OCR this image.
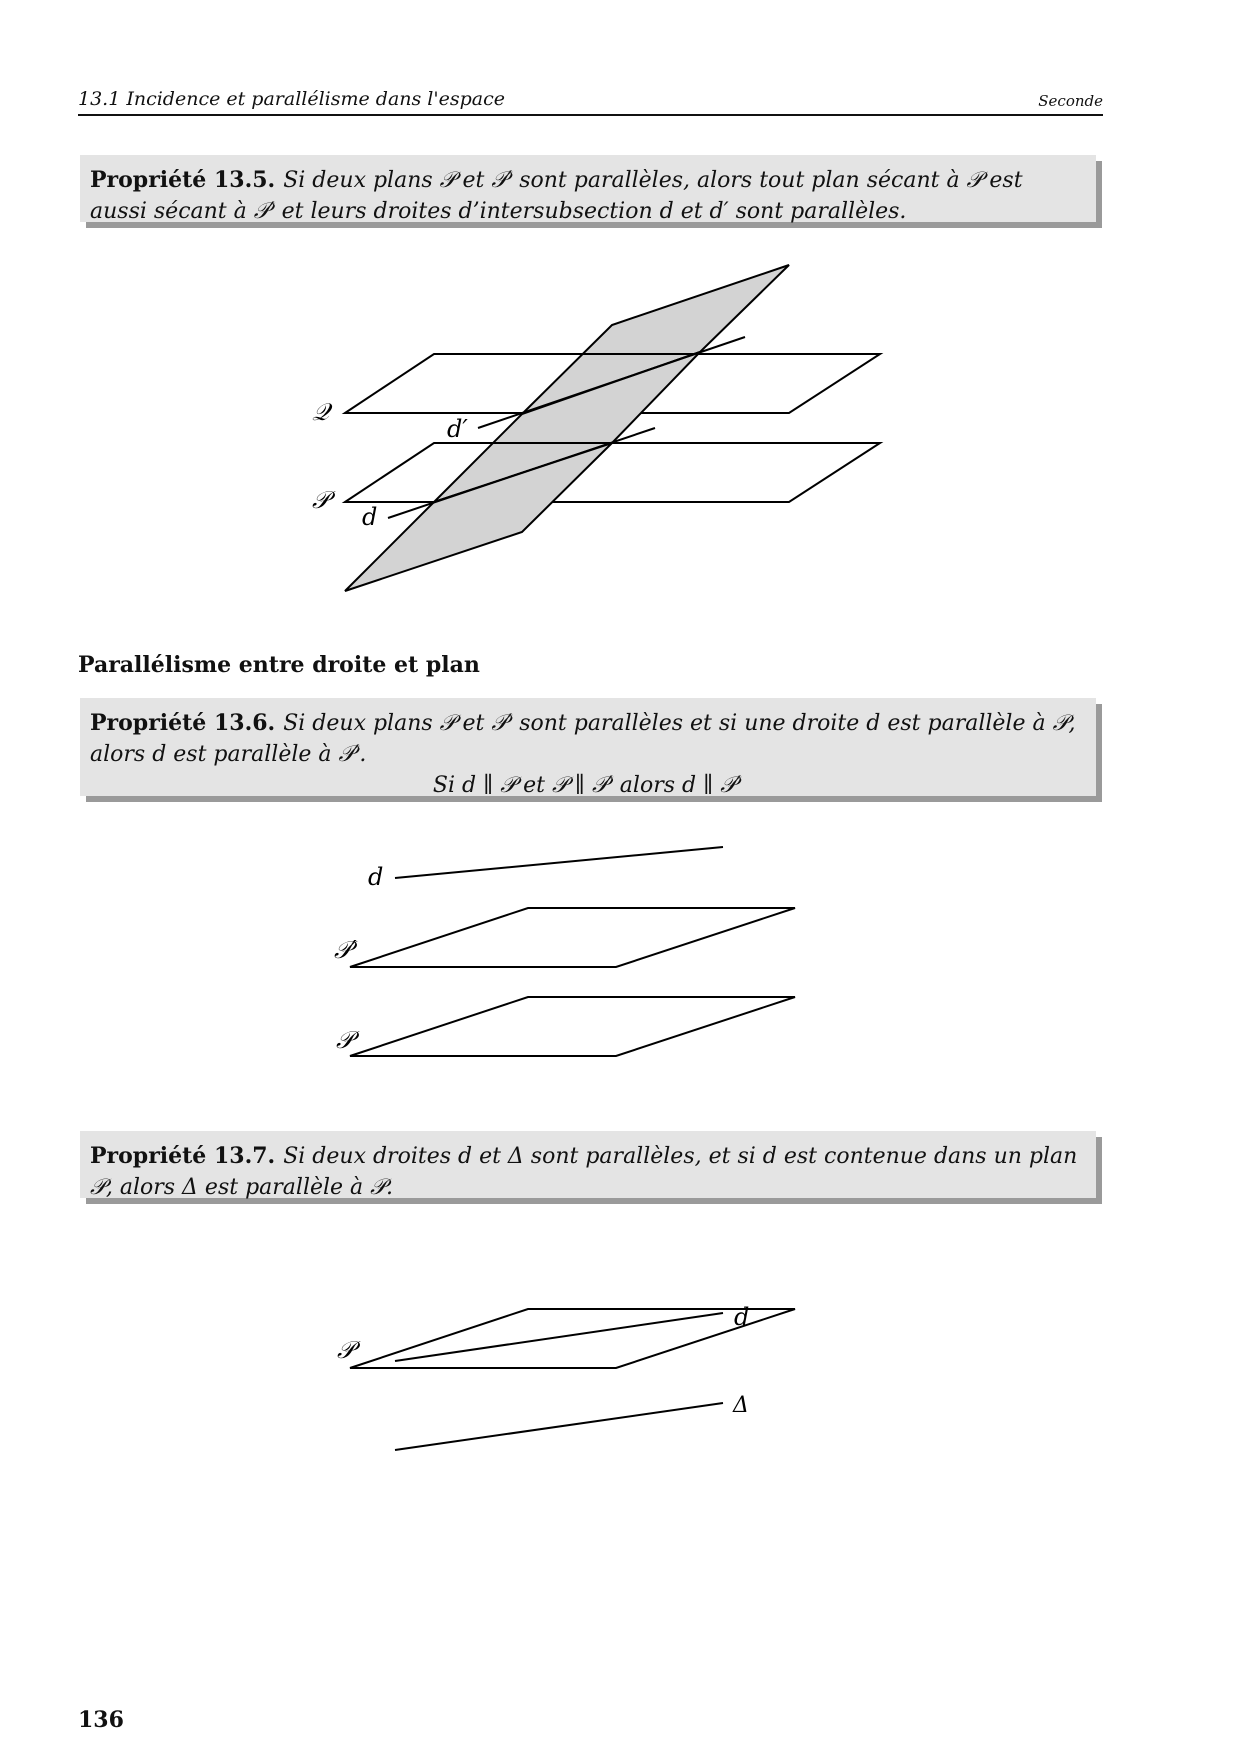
13.1 Incidence et parallélisme dans l'espace	Seconde
Propriété 13.5. Si deux plans 𝒫 et 𝒫′ sont parallèles, alors tout plan sécant à 𝒫 est aussi sécant à 𝒫′ et leurs droites d’intersubsection d et d′ sont parallèles.
𝒬
𝒫
d′
d
Parallélisme entre droite et plan
Propriété 13.6. Si deux plans 𝒫 et 𝒫′ sont parallèles et si une droite d est parallèle à 𝒫, alors d est parallèle à 𝒫′.
Si d ∥ 𝒫 et 𝒫 ∥ 𝒫′ alors d ∥ 𝒫′
d
𝒫′
𝒫
Propriété 13.7. Si deux droites d et Δ sont parallèles, et si d est contenue dans un plan 𝒫, alors Δ est parallèle à 𝒫.
𝒫
d
Δ
136
